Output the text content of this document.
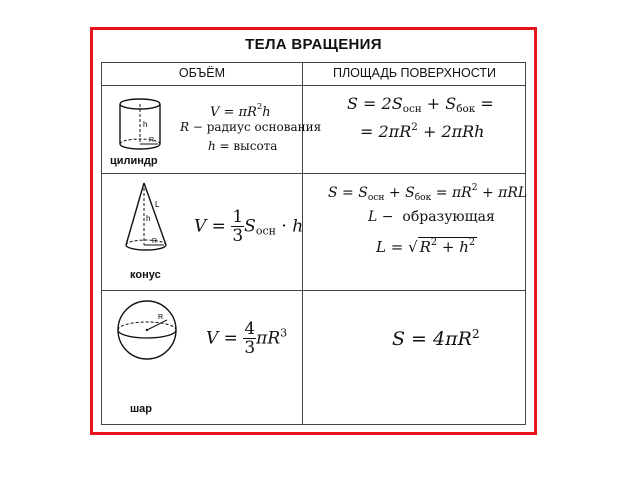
ТЕЛА ВРАЩЕНИЯ
ОБЪЁМ	ПЛОЩАДЬ ПОВЕРХНОСТИ
h
R
цилиндр
$V = \pi R^2h$
R − радиус основания
h = высота
$S = 2S_{осн} + S_{бок}$ =
= $2\pi R^2 + 2\pi Rh$
h
L
R
конус
$V = \frac{1}{3} S_{осн} \cdot h$
$S = S_{осн} + S_{бок} = \pi R^2 + \pi RL$
L −  образующая
L = √ $R^2 + h^2$
R
шар
$V = \frac{4}{3} \pi R^3$	$S = 4\pi R^2$
